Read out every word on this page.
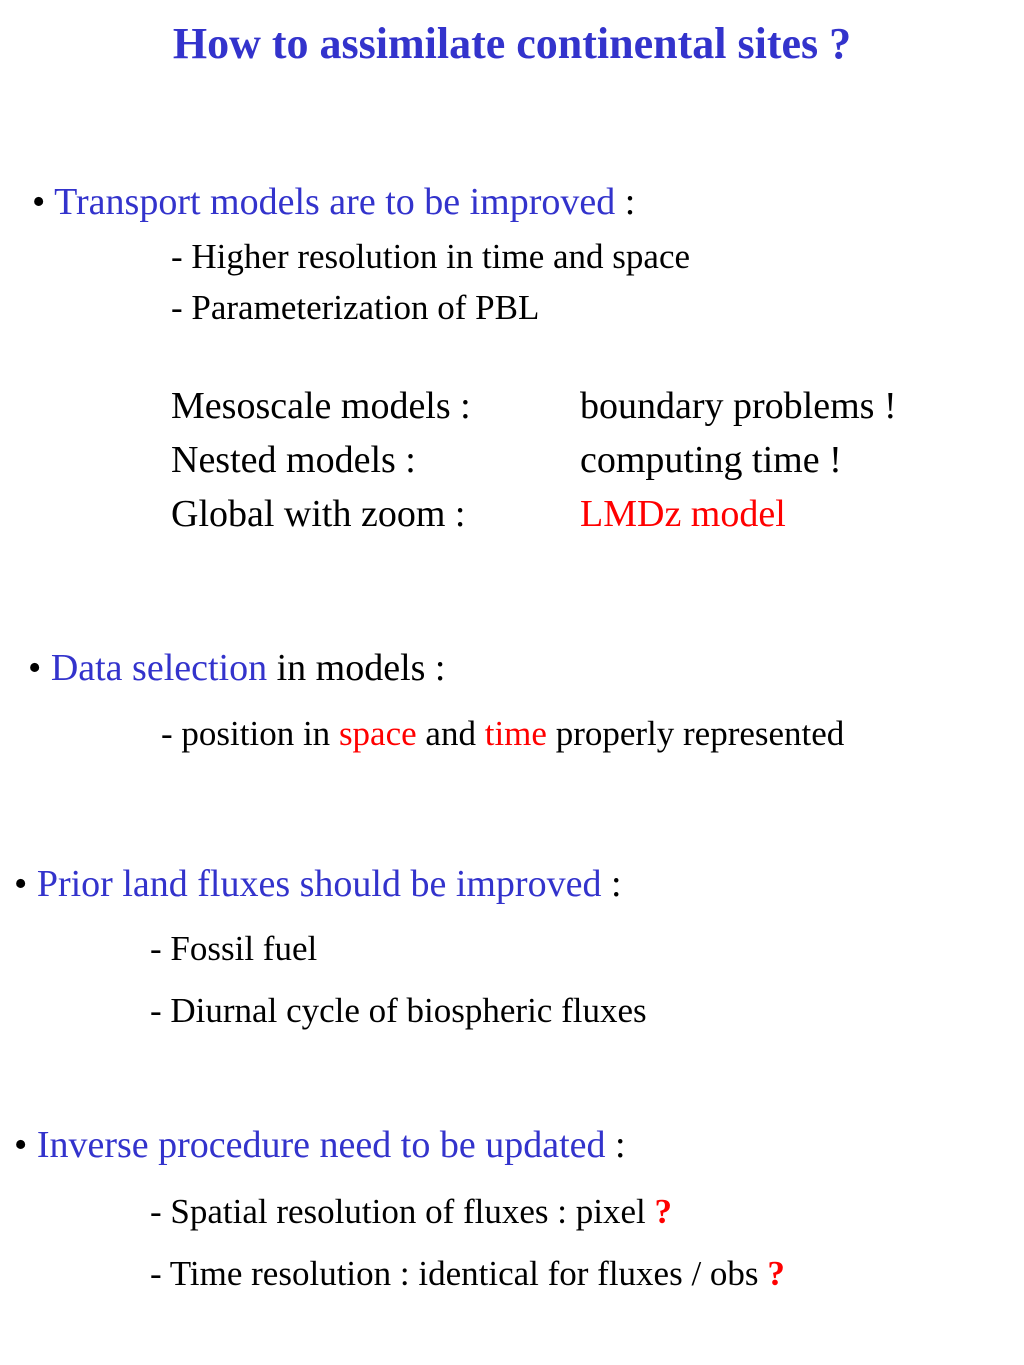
How to assimilate continental sites ?
• Transport models are to be improved :
- Higher resolution in time and space
- Parameterization of PBL
Mesoscale models :	boundary problems !
Nested models :	computing time !
Global with zoom :	LMDz model
• Data selection in models :
- position in space and time properly represented
• Prior land fluxes should be improved :
- Fossil fuel
- Diurnal cycle of biospheric fluxes
• Inverse procedure need to be updated :
- Spatial resolution of fluxes : pixel ?
- Time resolution : identical for fluxes / obs ?
